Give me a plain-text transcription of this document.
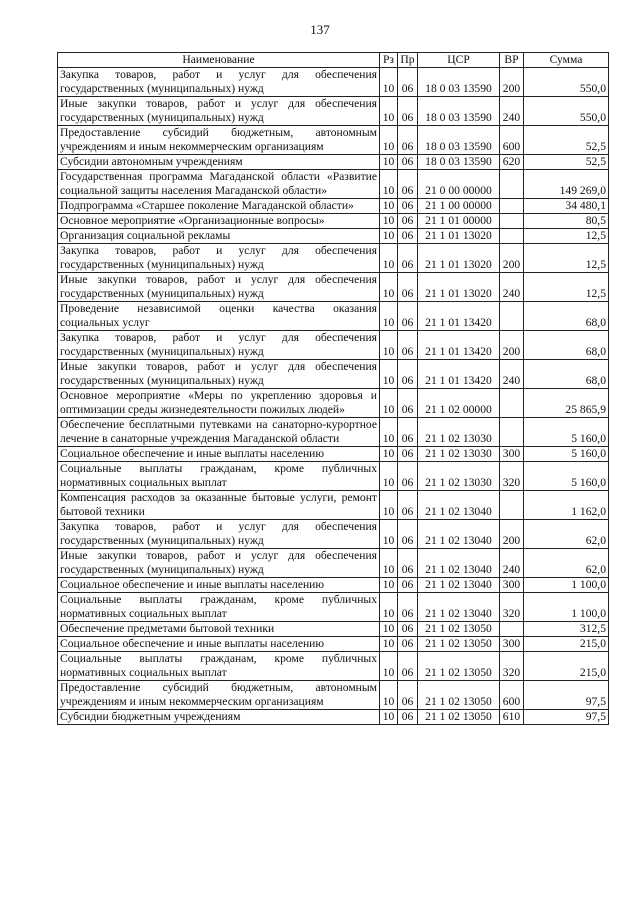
137
Наименование	Рз	Пр	ЦСР	ВР	Сумма
Закупка товаров, работ и услуг для обеспечения государственных (муниципальных) нужд	10	06	18 0 03 13590	200	550,0
Иные закупки товаров, работ и услуг для обеспечения государственных (муниципальных) нужд	10	06	18 0 03 13590	240	550,0
Предоставление субсидий бюджетным, автономным учреждениям и иным некоммерческим организациям	10	06	18 0 03 13590	600	52,5
Субсидии автономным учреждениям	10	06	18 0 03 13590	620	52,5
Государственная программа Магаданской области «Развитие социальной защиты населения Магаданской области»	10	06	21 0 00 00000		149 269,0
Подпрограмма «Старшее поколение Магаданской области»	10	06	21 1 00 00000		34 480,1
Основное мероприятие «Организационные вопросы»	10	06	21 1 01 00000		80,5
Организация социальной рекламы	10	06	21 1 01 13020		12,5
Закупка товаров, работ и услуг для обеспечения государственных (муниципальных) нужд	10	06	21 1 01 13020	200	12,5
Иные закупки товаров, работ и услуг для обеспечения государственных (муниципальных) нужд	10	06	21 1 01 13020	240	12,5
Проведение независимой оценки качества оказания социальных услуг	10	06	21 1 01 13420		68,0
Закупка товаров, работ и услуг для обеспечения государственных (муниципальных) нужд	10	06	21 1 01 13420	200	68,0
Иные закупки товаров, работ и услуг для обеспечения государственных (муниципальных) нужд	10	06	21 1 01 13420	240	68,0
Основное мероприятие «Меры по укреплению здоровья и оптимизации среды жизнедеятельности пожилых людей»	10	06	21 1 02 00000		25 865,9
Обеспечение бесплатными путевками на санаторно-курортное лечение в санаторные учреждения Магаданской области	10	06	21 1 02 13030		5 160,0
Социальное обеспечение и иные выплаты населению	10	06	21 1 02 13030	300	5 160,0
Социальные выплаты гражданам, кроме публичных нормативных социальных выплат	10	06	21 1 02 13030	320	5 160,0
Компенсация расходов за оказанные бытовые услуги, ремонт бытовой техники	10	06	21 1 02 13040		1 162,0
Закупка товаров, работ и услуг для обеспечения государственных (муниципальных) нужд	10	06	21 1 02 13040	200	62,0
Иные закупки товаров, работ и услуг для обеспечения государственных (муниципальных) нужд	10	06	21 1 02 13040	240	62,0
Социальное обеспечение и иные выплаты населению	10	06	21 1 02 13040	300	1 100,0
Социальные выплаты гражданам, кроме публичных нормативных социальных выплат	10	06	21 1 02 13040	320	1 100,0
Обеспечение предметами бытовой техники	10	06	21 1 02 13050		312,5
Социальное обеспечение и иные выплаты населению	10	06	21 1 02 13050	300	215,0
Социальные выплаты гражданам, кроме публичных нормативных социальных выплат	10	06	21 1 02 13050	320	215,0
Предоставление субсидий бюджетным, автономным учреждениям и иным некоммерческим организациям	10	06	21 1 02 13050	600	97,5
Субсидии бюджетным учреждениям	10	06	21 1 02 13050	610	97,5
